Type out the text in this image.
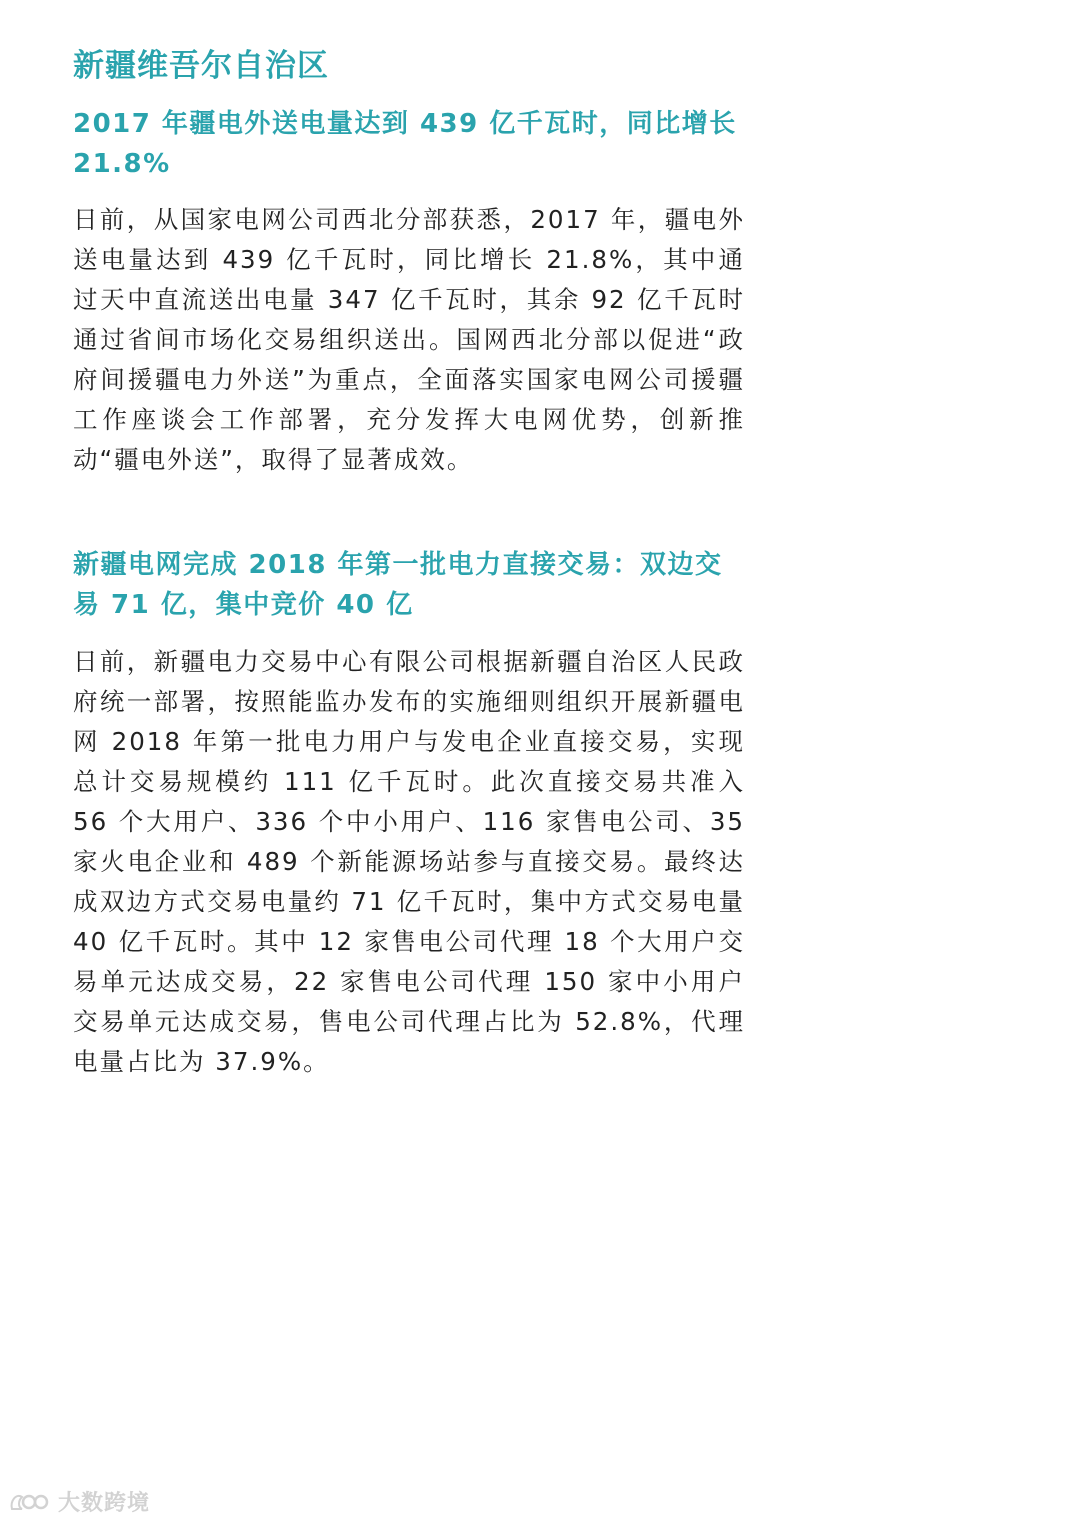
新疆维吾尔自治区
2017 年疆电外送电量达到 439 亿千瓦时，同比增长 21.8%

日前，从国家电网公司西北分部获悉，2017 年，疆电外送电量达到 439 亿千瓦时，同比增长 21.8%，其中通过天中直流送出电量 347 亿千瓦时，其余 92 亿千瓦时通过省间市场化交易组织送出。国网西北分部以促进“政府间援疆电力外送”为重点，全面落实国家电网公司援疆工作座谈会工作部署，充分发挥大电网优势，创新推动“疆电外送”，取得了显著成效。

新疆电网完成 2018 年第一批电力直接交易：双边交易 71 亿，集中竞价 40 亿

日前，新疆电力交易中心有限公司根据新疆自治区人民政府统一部署，按照能监办发布的实施细则组织开展新疆电网 2018 年第一批电力用户与发电企业直接交易，实现总计交易规模约 111 亿千瓦时。此次直接交易共准入 56 个大用户、336 个中小用户、116 家售电公司、35 家火电企业和 489 个新能源场站参与直接交易。最终达成双边方式交易电量约 71 亿千瓦时，集中方式交易电量 40 亿千瓦时。其中 12 家售电公司代理 18 个大用户交易单元达成交易，22 家售电公司代理 150 家中小用户交易单元达成交易，售电公司代理占比为 52.8%，代理电量占比为 37.9%。

大数跨境
